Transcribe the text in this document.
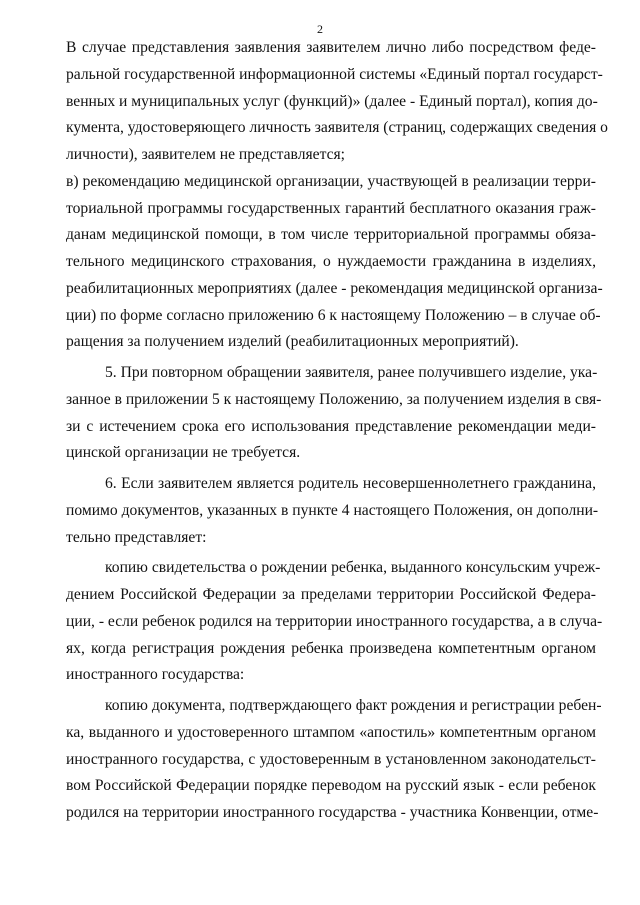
2
В случае представления заявления заявителем лично либо посредством феде-
ральной государственной информационной системы «Единый портал государст-
венных и муниципальных услуг (функций)» (далее - Единый портал), копия до-
кумента, удостоверяющего личность заявителя (страниц, содержащих сведения о
личности), заявителем не представляется;
в) рекомендацию медицинской организации, участвующей в реализации терри-
ториальной программы государственных гарантий бесплатного оказания граж-
данам медицинской помощи, в том числе территориальной программы обяза-
тельного медицинского страхования, о нуждаемости гражданина в изделиях,
реабилитационных мероприятиях (далее - рекомендация медицинской организа-
ции) по форме согласно приложению 6 к настоящему Положению – в случае об-
ращения за получением изделий (реабилитационных мероприятий).
5. При повторном обращении заявителя, ранее получившего изделие, ука-
занное в приложении 5 к настоящему Положению, за получением изделия в свя-
зи с истечением срока его использования представление рекомендации меди-
цинской организации не требуется.
6. Если заявителем является родитель несовершеннолетнего гражданина,
помимо документов, указанных в пункте 4 настоящего Положения, он дополни-
тельно представляет:
копию свидетельства о рождении ребенка, выданного консульским учреж-
дением Российской Федерации за пределами территории Российской Федера-
ции, - если ребенок родился на территории иностранного государства, а в случа-
ях, когда регистрация рождения ребенка произведена компетентным органом
иностранного государства:
копию документа, подтверждающего факт рождения и регистрации ребен-
ка, выданного и удостоверенного штампом «апостиль» компетентным органом
иностранного государства, с удостоверенным в установленном законодательст-
вом Российской Федерации порядке переводом на русский язык - если ребенок
родился на территории иностранного государства - участника Конвенции, отме-
